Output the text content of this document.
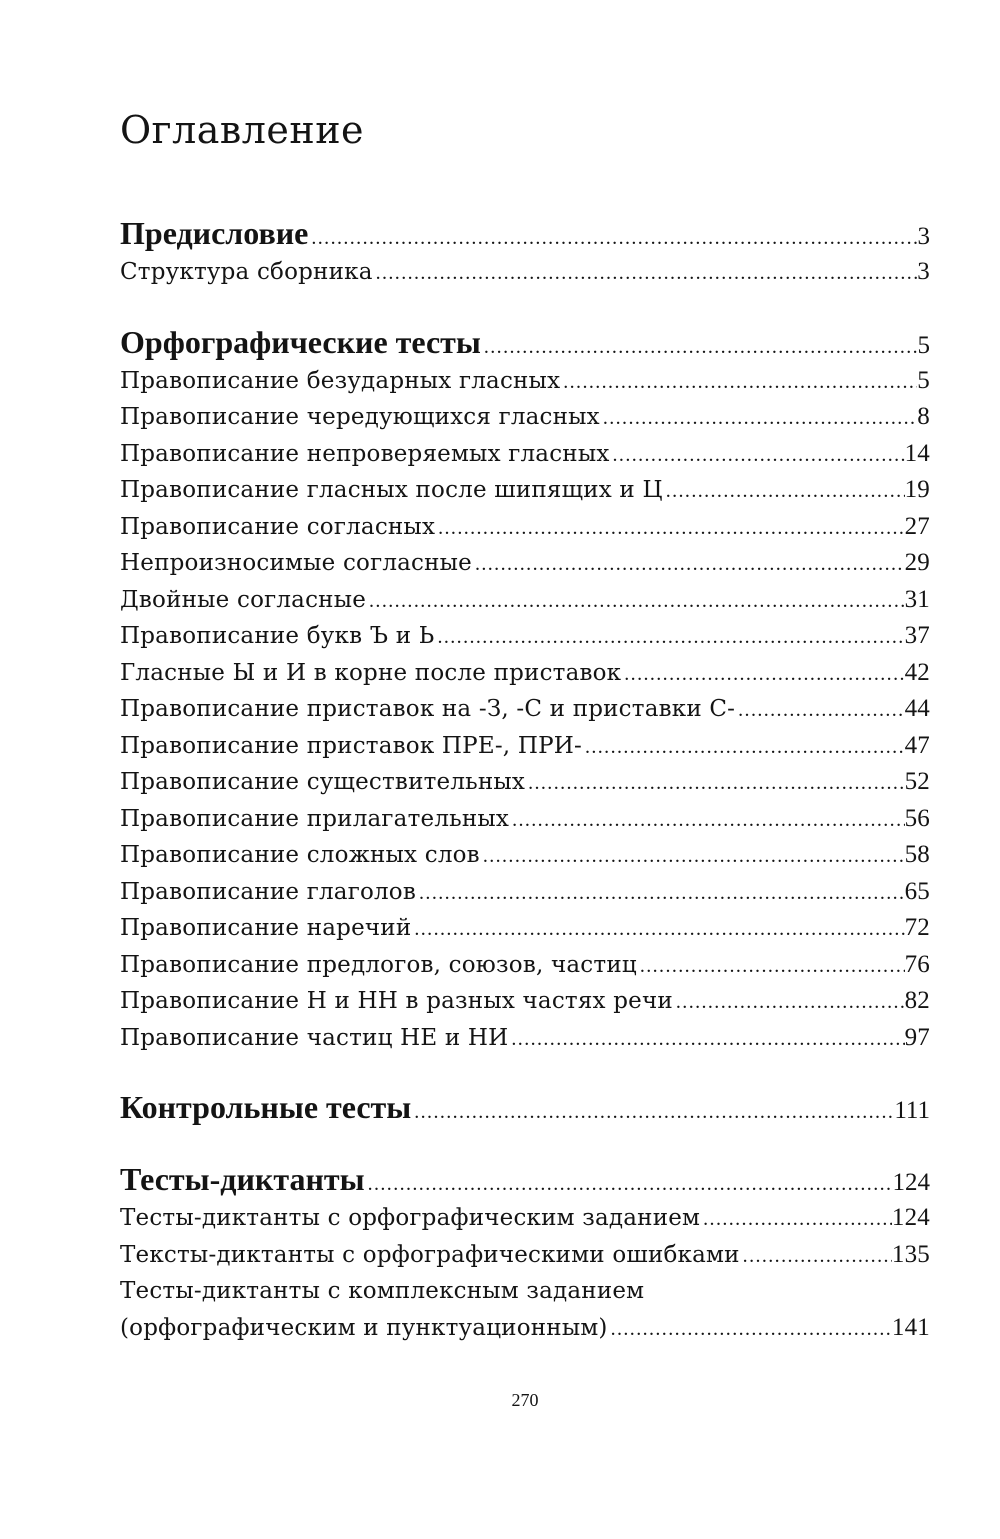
Оглавление
Предисловие .....	3
Структура сборника .....	3
Орфографические тесты .....	5
Правописание безударных гласных .....	5
Правописание чередующихся гласных .....	8
Правописание непроверяемых гласных .....	14
Правописание гласных после шипящих и Ц .....	19
Правописание согласных .....	27
Непроизносимые согласные .....	29
Двойные согласные .....	31
Правописание букв Ъ и Ь .....	37
Гласные Ы и И в корне после приставок .....	42
Правописание приставок на -З, -С и приставки С- .....	44
Правописание приставок ПРЕ-, ПРИ- .....	47
Правописание существительных .....	52
Правописание прилагательных .....	56
Правописание сложных слов .....	58
Правописание глаголов .....	65
Правописание наречий .....	72
Правописание предлогов, союзов, частиц .....	76
Правописание Н и НН в разных частях речи .....	82
Правописание частиц НЕ и НИ .....	97
Контрольные тесты .....	111
Тесты-диктанты .....	124
Тесты-диктанты с орфографическим заданием .....	124
Тексты-диктанты с орфографическими ошибками .....	135
Тесты-диктанты с комплексным заданием
(орфографическим и пунктуационным) .....	141
270
